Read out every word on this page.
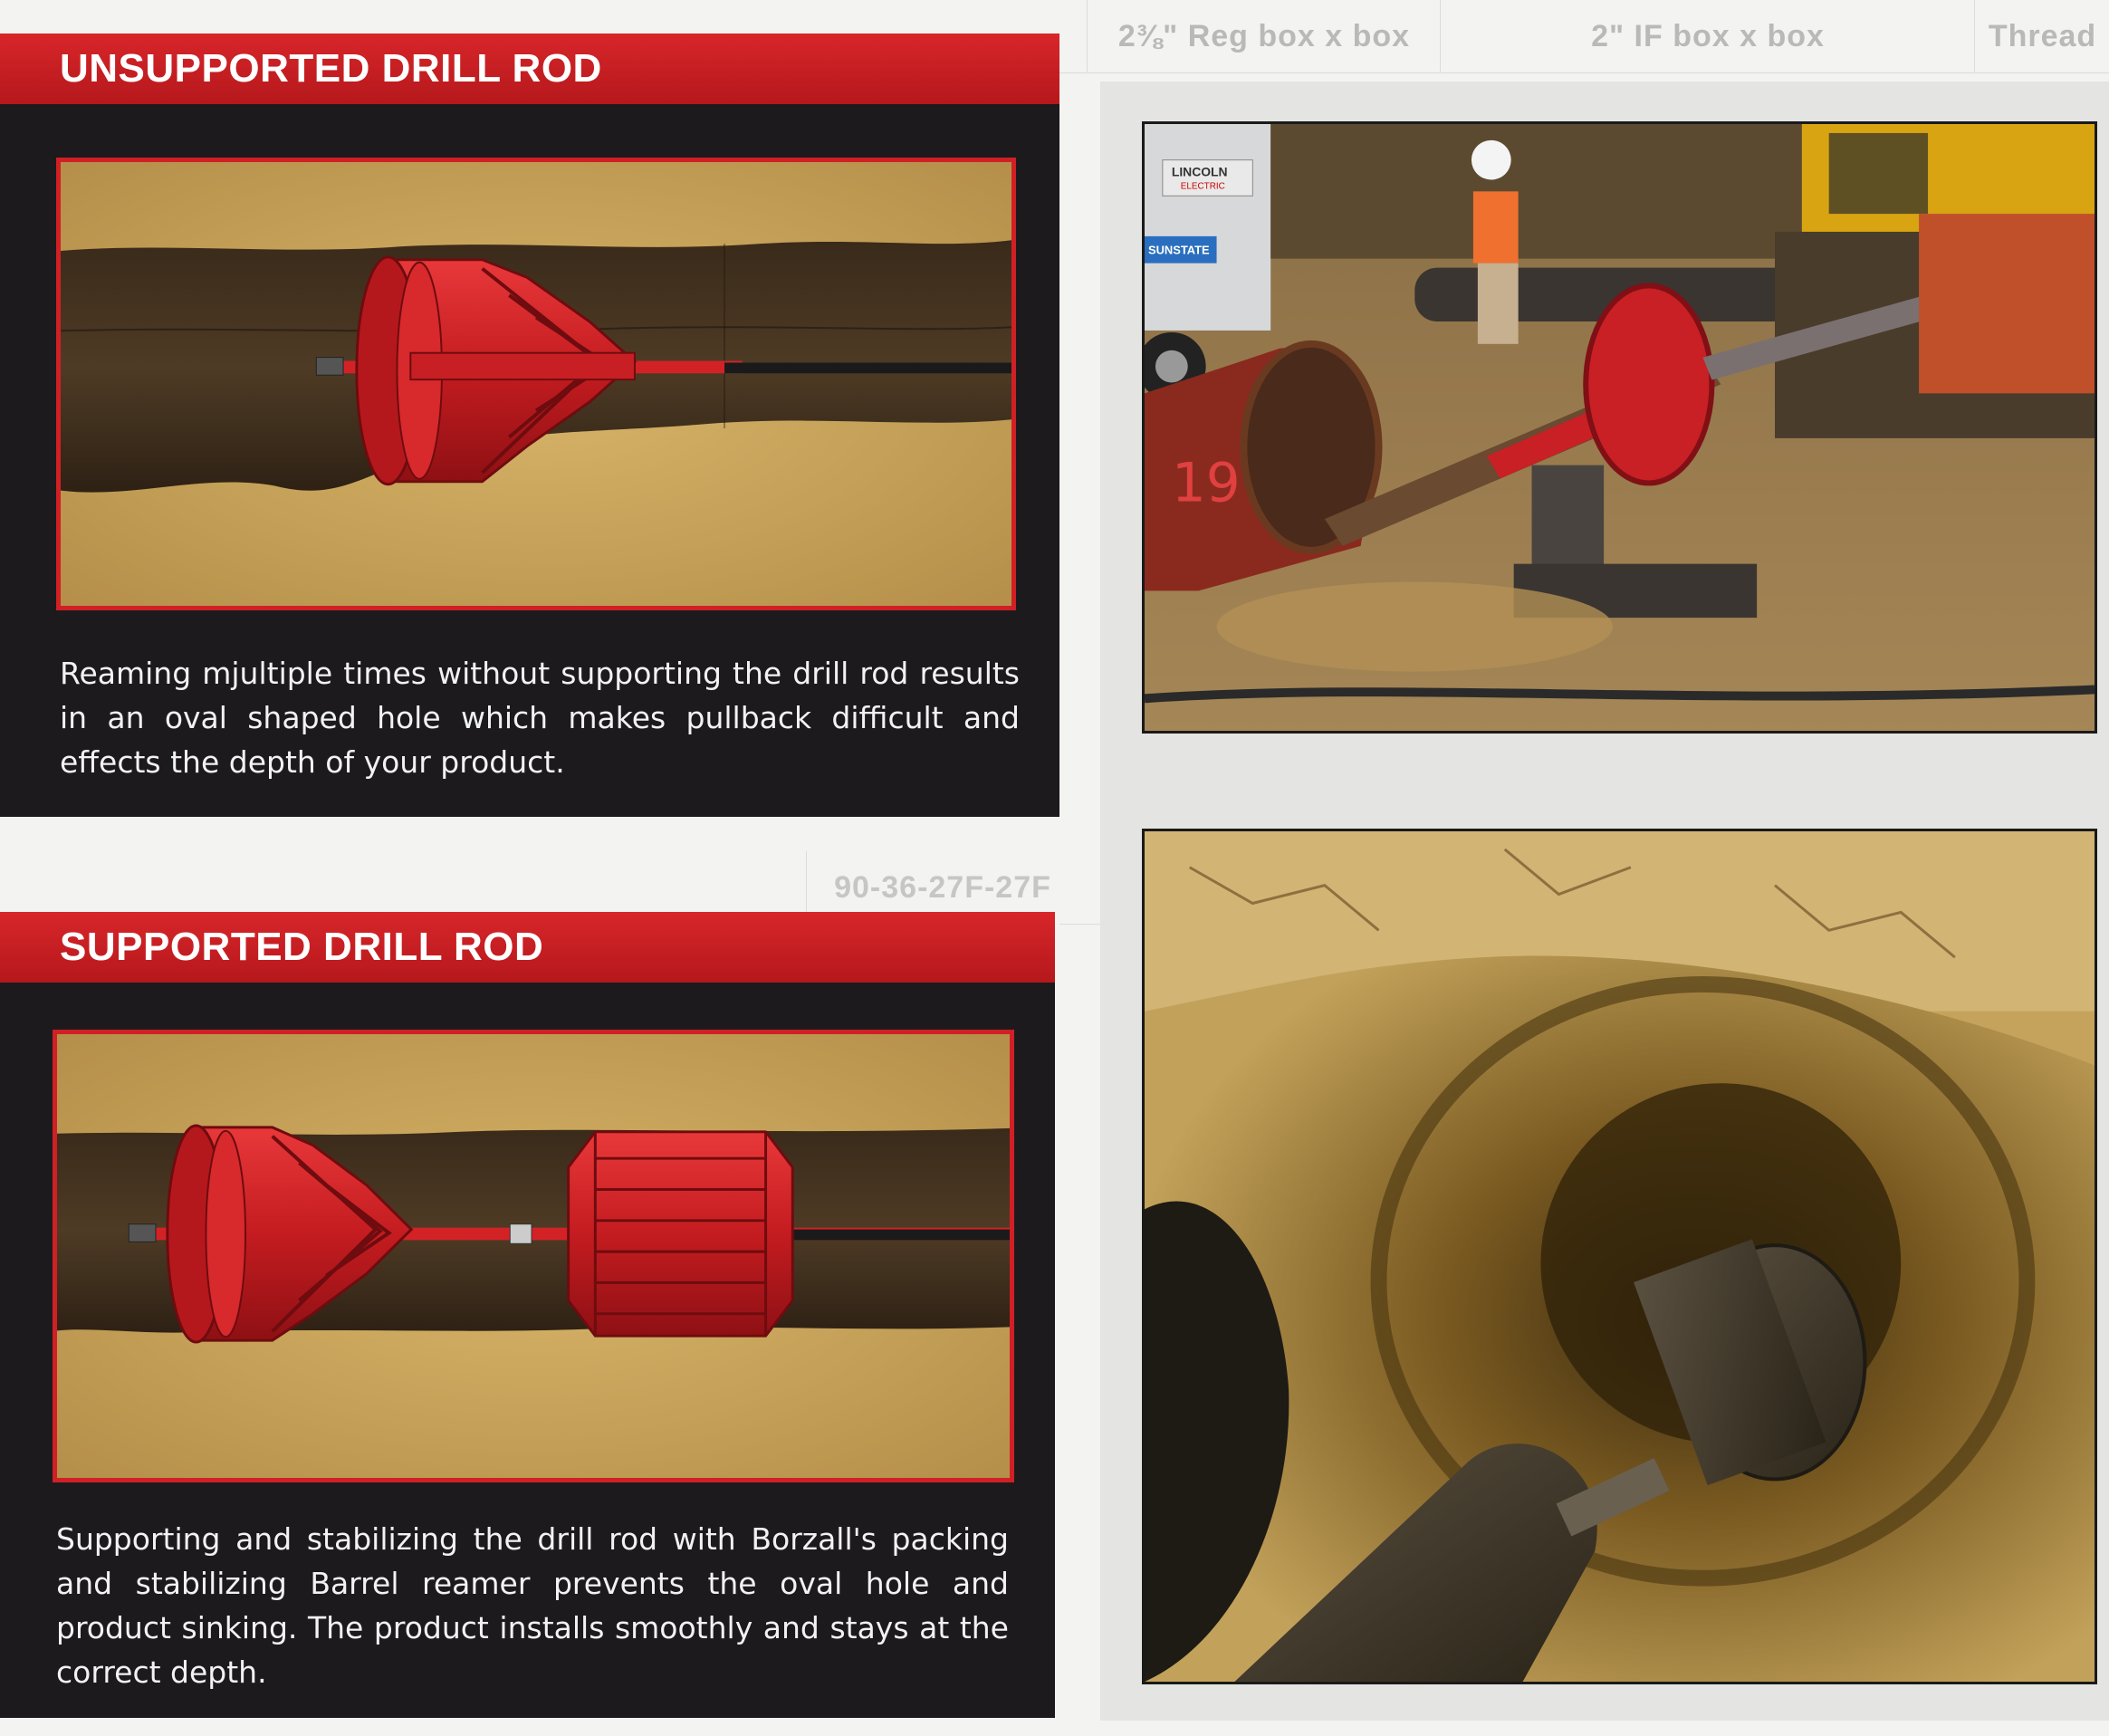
Thread
2" IF box x box
2⅜" Reg box x box
90-36-27F-27F
UNSUPPORTED DRILL ROD
Reaming mjultiple times without supporting the drill rod results in an oval shaped hole which makes pullback difficult and effects the depth of your product.
SUPPORTED DRILL ROD
Supporting and stabilizing the drill rod with Borzall's packing and stabilizing Barrel reamer prevents the oval hole and product sinking. The product installs smoothly and stays at the correct depth.
LINCOLN
ELECTRIC
SUNSTATE
19
